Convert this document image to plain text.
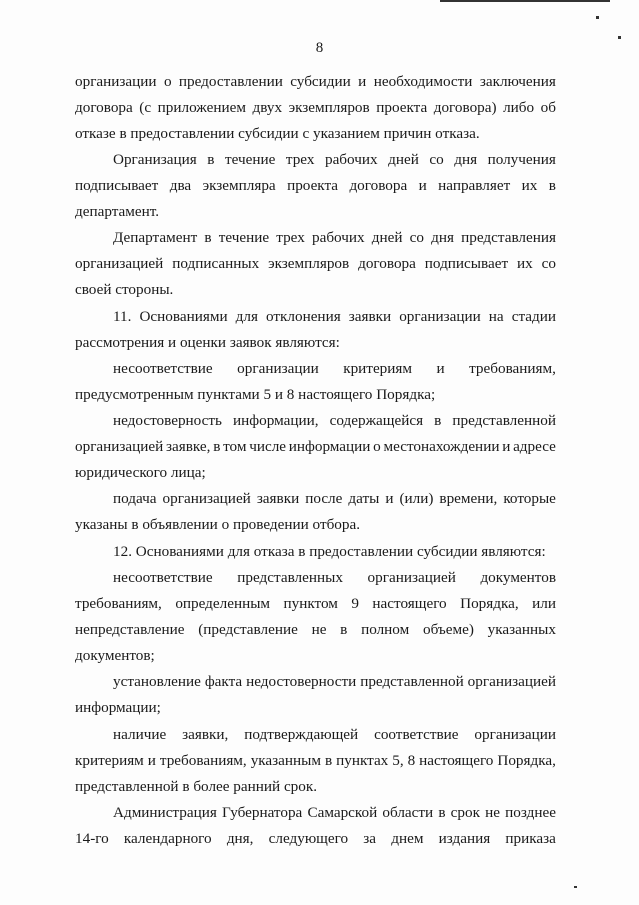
8
организации о предоставлении субсидии и необходимости заключения
договора (с приложением двух экземпляров проекта договора) либо об
отказе в предоставлении субсидии с указанием причин отказа.
Организация в течение трех рабочих дней со дня получения
подписывает два экземпляра проекта договора и направляет их в
департамент.
Департамент в течение трех рабочих дней со дня представления
организацией подписанных экземпляров договора подписывает их со
своей стороны.
11. Основаниями для отклонения заявки организации на стадии
рассмотрения и оценки заявок являются:
несоответствие организации критериям и требованиям,
предусмотренным пунктами 5 и 8 настоящего Порядка;
недостоверность информации, содержащейся в представленной
организацией заявке, в том числе информации о местонахождении и адресе
юридического лица;
подача организацией заявки после даты и (или) времени, которые
указаны в объявлении о проведении отбора.
12. Основаниями для отказа в предоставлении субсидии являются:
несоответствие представленных организацией документов
требованиям, определенным пунктом 9 настоящего Порядка, или
непредставление (представление не в полном объеме) указанных
документов;
установление факта недостоверности представленной организацией
информации;
наличие заявки, подтверждающей соответствие организации
критериям и требованиям, указанным в пунктах 5, 8 настоящего Порядка,
представленной в более ранний срок.
Администрация Губернатора Самарской области в срок не позднее
14-го календарного дня, следующего за днем издания приказа
